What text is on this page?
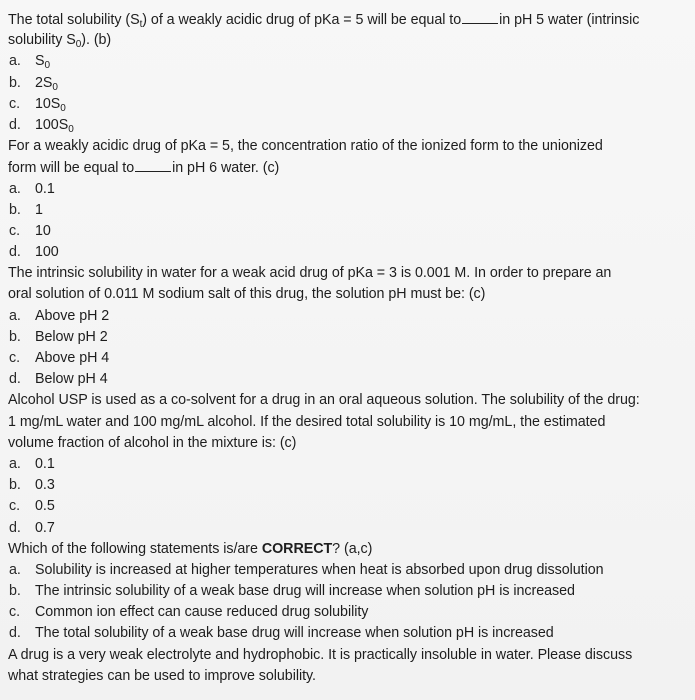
The total solubility $(S_t)$ of a weakly acidic drug of pKa = 5 will be equal to	in pH 5 water (intrinsic
solubility $S_0$). (b)
a. $S_0$
b. $2S_0$
c.	$10S_0$
d. $100S_0$
For a weakly acidic drug of pKa = 5, the concentration ratio of the ionized form to the unionized
form will be equal to	in pH 6 water. (c)
a. 0.1
b. 1
c.	10
d. 100
The intrinsic solubility in water for a weak acid drug of pKa = 3 is 0.001 M. In order to prepare an
oral solution of 0.011 M sodium salt of this drug, the solution pH must be: (c)
a. Above pH 2
b. Below pH 2
c.	Above pH 4
d. Below pH 4
Alcohol USP is used as a co-solvent for a drug in an oral aqueous solution. The solubility of the drug:
1 mg/mL water and 100 mg/mL alcohol. If the desired total solubility is 10 mg/mL, the estimated
volume fraction of alcohol in the mixture is: (c)
a. 0.1
b. 0.3
c.	0.5
d. 0.7
Which of the following statements is/are CORRECT? (a,c)
a. Solubility is increased at higher temperatures when heat is absorbed upon drug dissolution
b. The intrinsic solubility of a weak base drug will increase when solution pH is increased
c.	Common ion effect can cause reduced drug solubility
d. The total solubility of a weak base drug will increase when solution pH is increased
A drug is a very weak electrolyte and hydrophobic. It is practically insoluble in water. Please discuss
what strategies can be used to improve solubility.
